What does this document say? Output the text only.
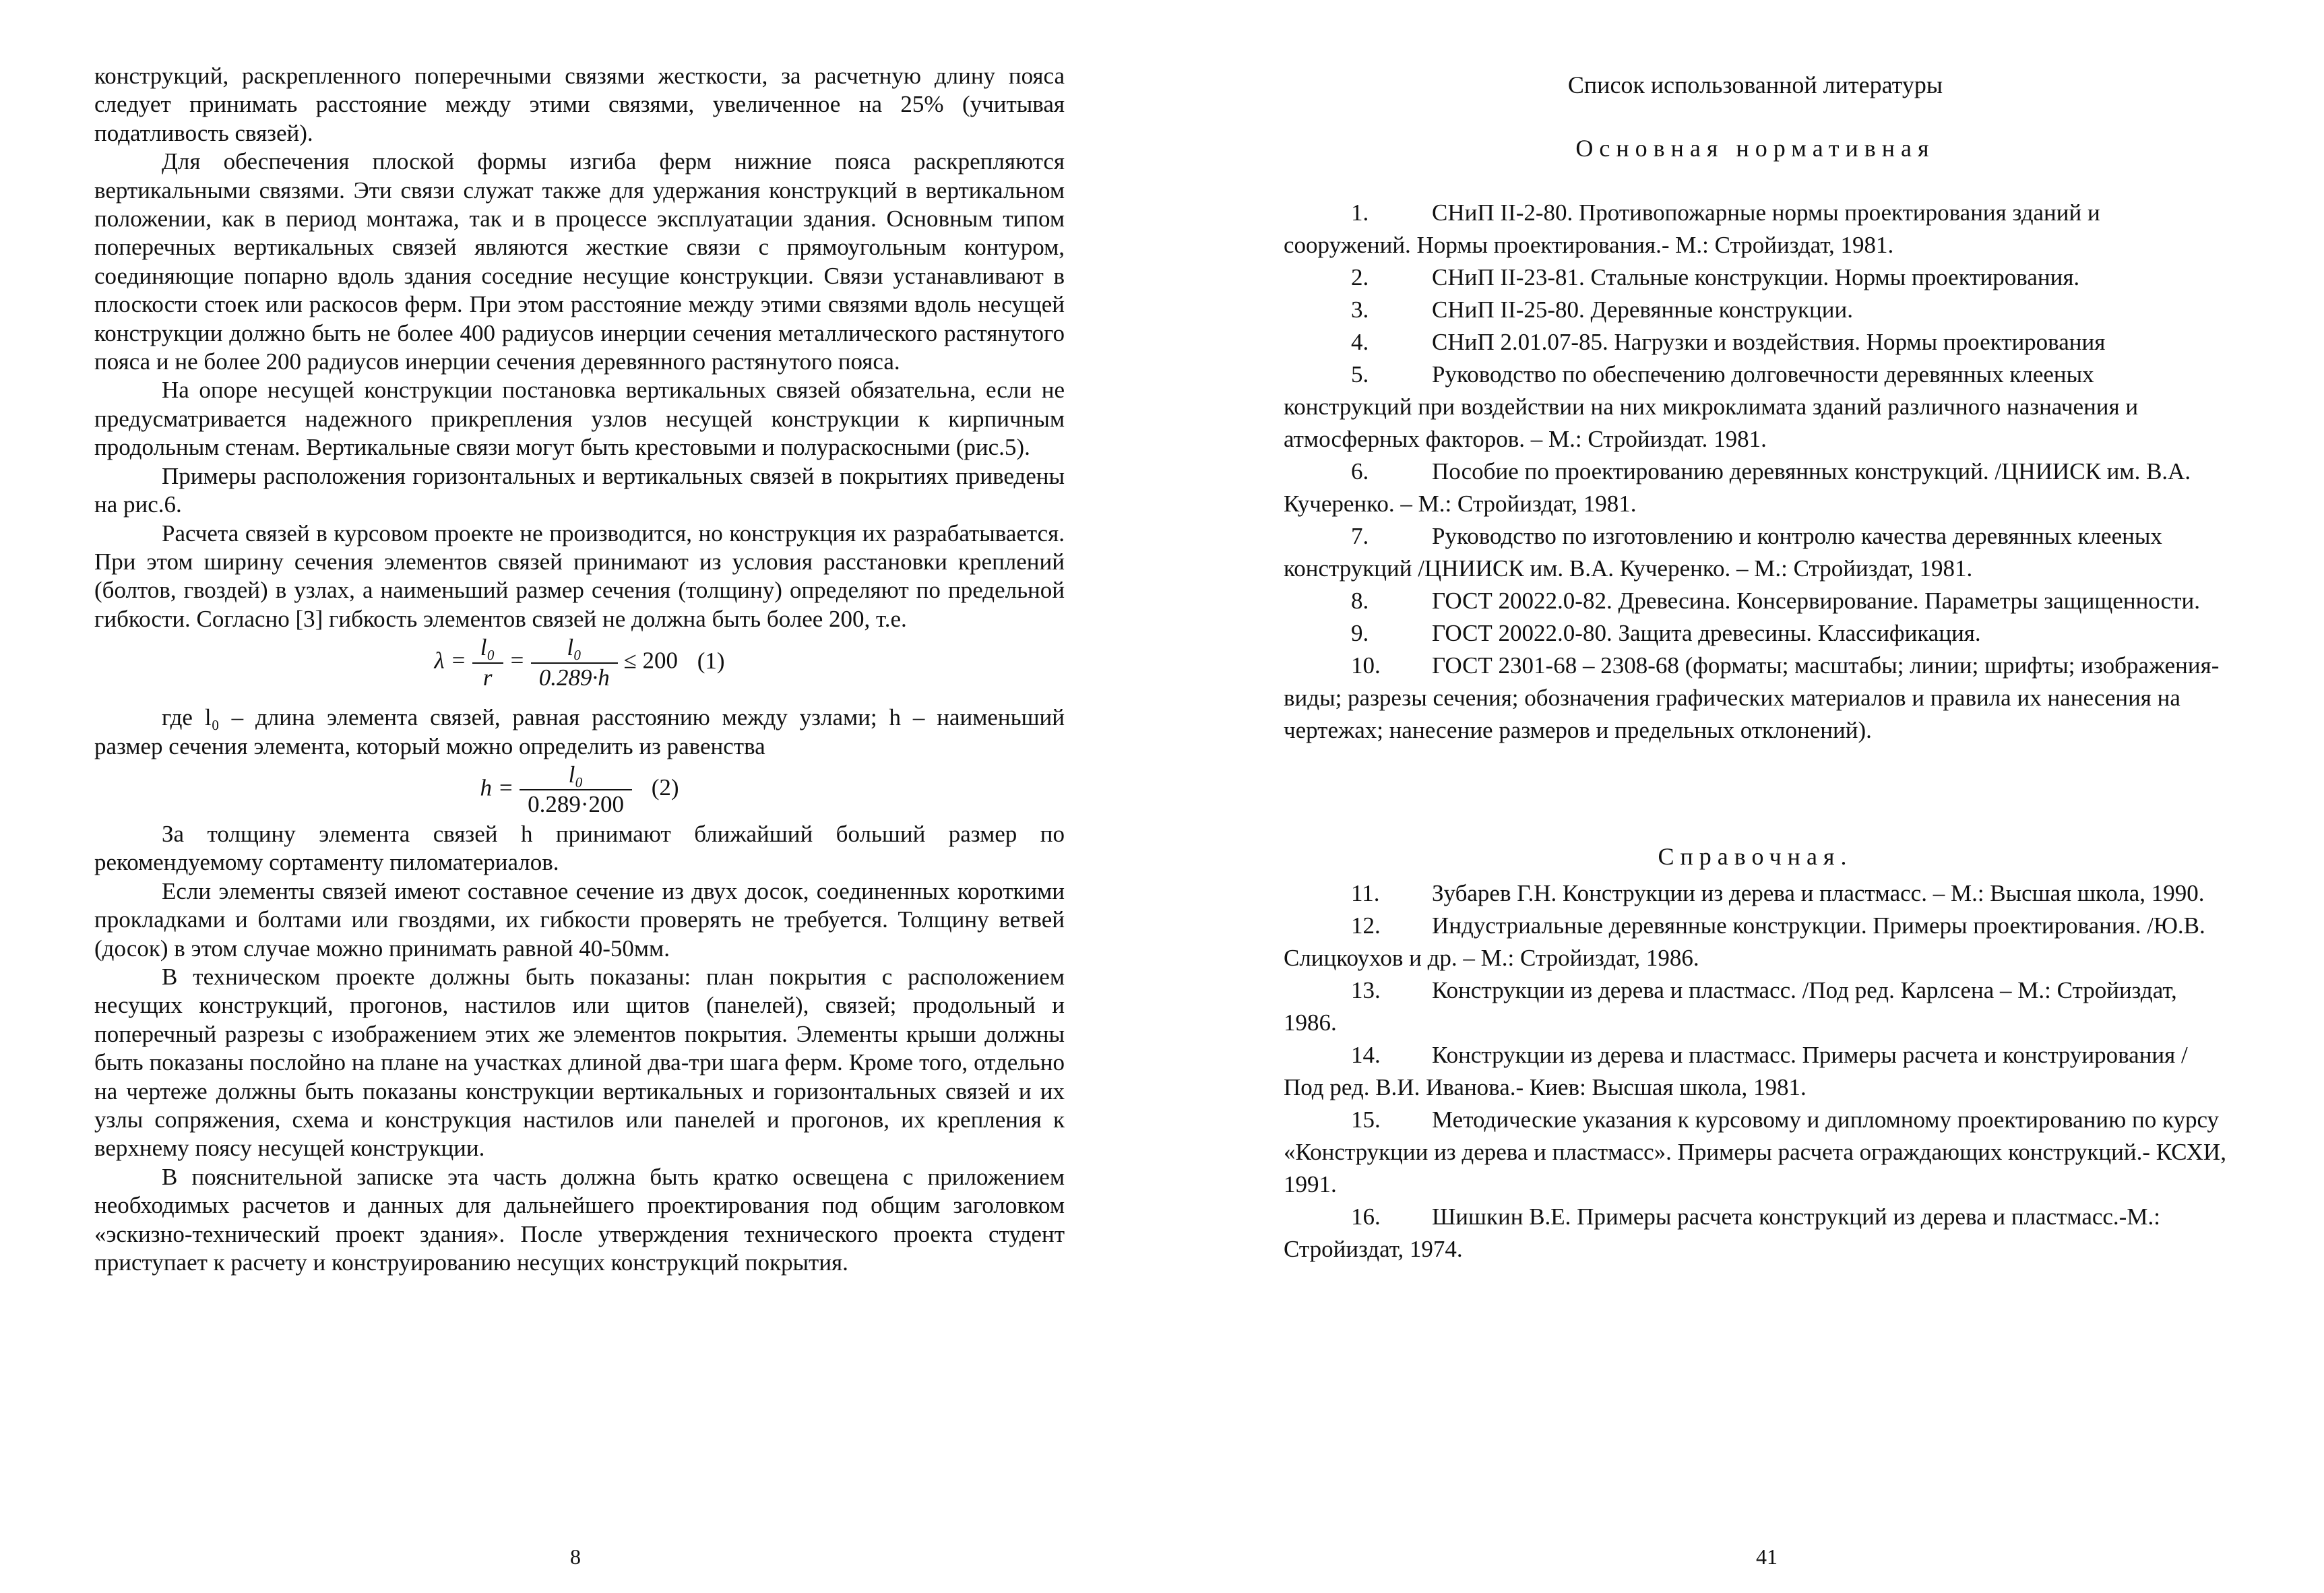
конструкций, раскрепленного поперечными связями жесткости, за расчетную длину пояса следует принимать расстояние между этими связями, увеличенное на 25% (учитывая податливость связей).

Для обеспечения плоской формы изгиба ферм нижние пояса раскрепляются вертикальными связями. Эти связи служат также для удержания конструкций в вертикальном положении, как в период монтажа, так и в процессе эксплуатации здания. Основным типом поперечных вертикальных связей являются жесткие связи с прямоугольным контуром, соединяющие попарно вдоль здания соседние несущие конструкции. Связи устанавливают в плоскости стоек или раскосов ферм. При этом расстояние между этими связями вдоль несущей конструкции должно быть не более 400 радиусов инерции сечения металлического растянутого пояса и не более 200 радиусов инерции сечения деревянного растянутого пояса.

На опоре несущей конструкции постановка вертикальных связей обязательна, если не предусматривается надежного прикрепления узлов несущей конструкции к кирпичным продольным стенам. Вертикальные связи могут быть крестовыми и полураскосными (рис.5).

Примеры расположения горизонтальных и вертикальных связей в покрытиях приведены на рис.6.

Расчета связей в курсовом проекте не производится, но конструкция их разрабатывается. При этом ширину сечения элементов связей принимают из условия расстановки креплений (болтов, гвоздей) в узлах, а наименьший размер сечения (толщину) определяют по предельной гибкости. Согласно [3] гибкость элементов связей не должна быть более 200, т.е.

$\lambda = \frac{\text{l₀}}{r} = \frac{\text{l₀}}{0.289\cdot h} \le 200$ (1)

где l₀ – длина элемента связей, равная расстоянию между узлами; h – наименьший размер сечения элемента, который можно определить из равенства

$h = \frac{\text{l₀}}{0.289\cdot 200} (2)$

За толщину элемента связей h принимают ближайший больший размер по рекомендуемому сортаменту пиломатериалов.

Если элементы связей имеют составное сечение из двух досок, соединенных короткими прокладками и болтами или гвоздями, их гибкости проверять не требуется. Толщину ветвей (досок) в этом случае можно принимать равной 40-50мм.

В техническом проекте должны быть показаны: план покрытия с расположением несущих конструкций, прогонов, настилов или щитов (панелей), связей; продольный и поперечный разрезы с изображением этих же элементов покрытия. Элементы крыши должны быть показаны послойно на плане на участках длиной два-три шага ферм. Кроме того, отдельно на чертеже должны быть показаны конструкции вертикальных и горизонтальных связей и их узлы сопряжения, схема и конструкция настилов или панелей и прогонов, их крепления к верхнему поясу несущей конструкции.

В пояснительной записке эта часть должна быть кратко освещена с приложением необходимых расчетов и данных для дальнейшего проектирования под общим заголовком «эскизно-технический проект здания». После утверждения технического проекта студент приступает к расчету и конструированию несущих конструкций покрытия.

8	41
Список использованной литературы
Основная нормативная

1.	СНиП II-2-80. Противопожарные нормы проектирования зданий и сооружений. Нормы проектирования.- М.: Стройиздат, 1981.

2.	СНиП II-23-81. Стальные конструкции. Нормы проектирования.

3.	СНиП II-25-80. Деревянные конструкции.

4.	СНиП 2.01.07-85. Нагрузки и воздействия. Нормы проектирования

5.	Руководство по обеспечению долговечности деревянных клееных конструкций при воздействии на них микроклимата зданий различного назначения и атмосферных факторов. – М.: Стройиздат. 1981.

6.	Пособие по проектированию деревянных конструкций. /ЦНИИСК им. В.А. Кучеренко. – М.: Стройиздат, 1981.

7.	Руководство по изготовлению и контролю качества деревянных клееных конструкций /ЦНИИСК им. В.А. Кучеренко. – М.: Стройиздат, 1981.

8.	ГОСТ 20022.0-82. Древесина. Консервирование. Параметры защищенности.

9.	ГОСТ 20022.0-80. Защита древесины. Классификация.

10. ГОСТ 2301-68 – 2308-68 (форматы; масштабы; линии; шрифты; изображения-виды; разрезы сечения; обозначения графических материалов и правила их нанесения на чертежах; нанесение размеров и предельных отклонений).

Справочная.

11. Зубарев Г.Н. Конструкции из дерева и пластмасс. – М.: Высшая школа, 1990.

12. Индустриальные деревянные конструкции. Примеры проектирования. /Ю.В. Слицкоухов и др. – М.: Стройиздат, 1986.

13. Конструкции из дерева и пластмасс. /Под ред. Карлсена – М.: Стройиздат, 1986.

14. Конструкции из дерева и пластмасс. Примеры расчета и конструирования / Под ред. В.И. Иванова.- Киев: Высшая школа, 1981.

15. Методические указания к курсовому и дипломному проектированию по курсу «Конструкции из дерева и пластмасс». Примеры расчета ограждающих конструкций.- КСХИ, 1991.

16. Шишкин В.Е. Примеры расчета конструкций из дерева и пластмасс.-М.: Стройиздат, 1974.
